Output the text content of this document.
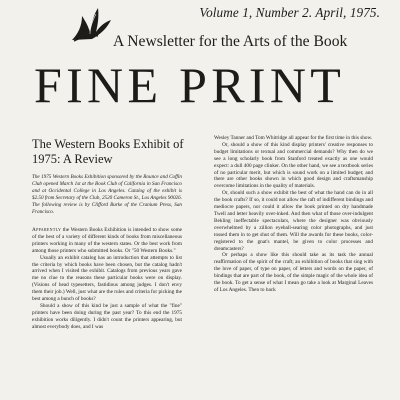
Volume 1, Number 2. April, 1975.
A Newsletter for the Arts of the Book
FINE PRINT
The Western Books Exhibit of 1975: A Review
The 1975 Western Books Exhibition sponsored by the Rounce and Coffin Club opened March 1st at the Book Club of California in San Francisco and at Occidental College in Los Angeles. Catalog of the exhibit is $2.50 from Secretary of the Club, 2520 Cameron St., Los Angeles 90026. The following review is by Clifford Burke of the Cranium Press, San Francisco.

Apparently the Western Books Exhibition is intended to show some of the best of a variety of different kinds of books from miscellaneous printers working in many of the western states. Or the best work from among those printers who submitted books. Or "50 Western Books."

Usually an exhibit catalog has an introduction that attempts to list the criteria by which books have been chosen, but the catalog hadn't arrived when I visited the exhibit. Catalogs from previous years gave me no clue to the reasons these particular books were on display. (Visions of head typesetters, fastidious among judges. I don't envy them their job.) Well, just what are the rules and criteria for picking the best among a bunch of books?

Should a show of this kind be just a sample of what the "fine" printers have been doing during the past year? To this end the 1975 exhibition works diligently. I didn't count the printers appearing, but almost everybody does, and I was

Wesley Tanner and Tom Whitridge all appear for the first time in this show.

Or, should a show of this kind display printers' creative responses to budget limitations or textual and commercial demands? Why then do we see a long scholarly book from Stanford treated exactly as one would expect: a dull 400 page clinker. On the other hand, we see a textbook series of no particular merit, but which is sound work on a limited budget; and there are other books shown in which good design and craftsmanship overcome limitations in the quality of materials.

Or, should such a show exhibit the best of what the hand can do in all the book crafts? If so, it could not allow the raft of indifferent bindings and mediocre papers, nor could it allow the book printed on dry handmade Twell and letter heavily over-inked. And then what of those over-indulgent Bekling ineffectable spectaculars, where the designer was obviously overwhelmed by a zillion eyeball-searing color photographs, and just tossed them in to get shut of them. Will the awards for these books, color-registered to the gnat's mantel, be given to color processes and dreamcasters?

Or perhaps a show like this should take as its task the annual reaffirmation of the spirit of the craft; an exhibition of books that sing with the love of paper, of type on paper, of letters and words on the paper, of bindings that are part of the book, of the simple magic of the whole idea of the book. To get a sense of what I mean go take a look at Marginal Leaves of Los Angeles. Then to back
